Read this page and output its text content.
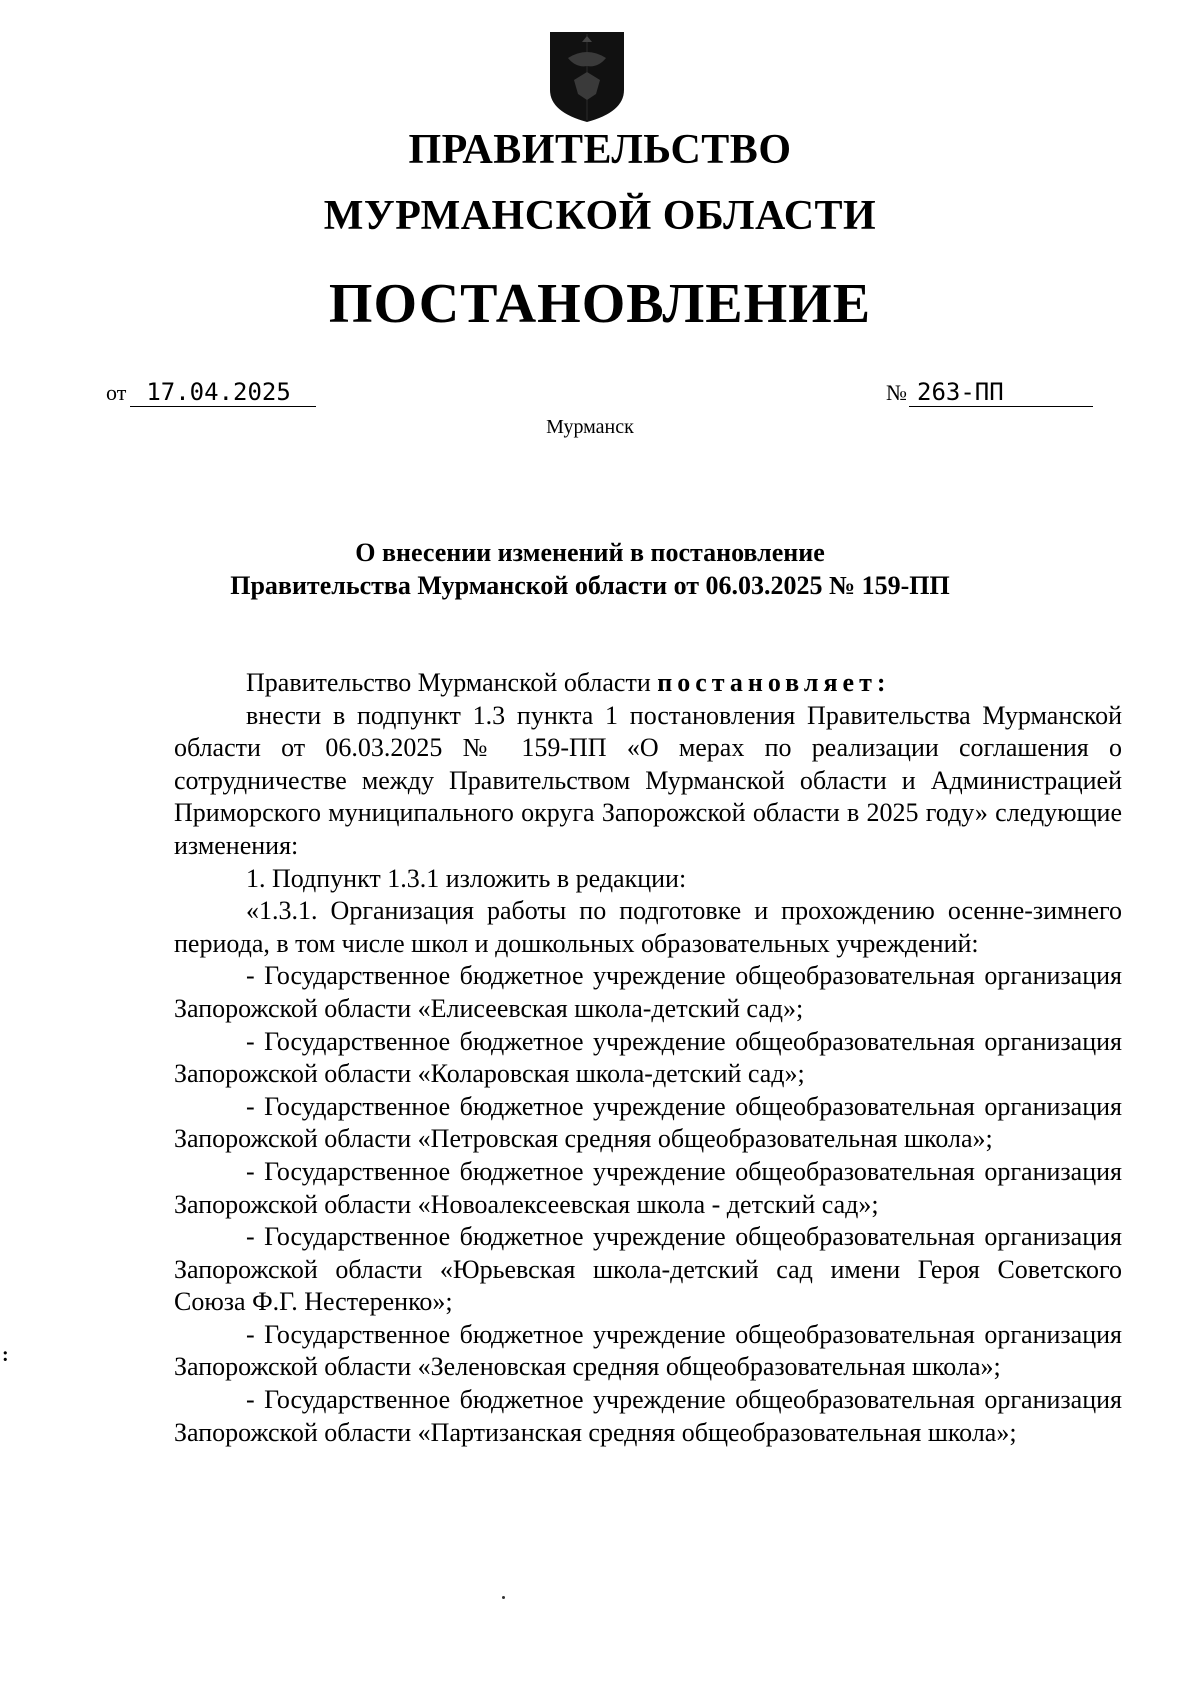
ПРАВИТЕЛЬСТВО
МУРМАНСКОЙ ОБЛАСТИ
ПОСТАНОВЛЕНИЕ
от 17.04.2025	№ 263-ПП
Мурманск
О внесении изменений в постановление
Правительства Мурманской области от 06.03.2025 № 159-ПП

Правительство Мурманской области постановляет:

внести в подпункт 1.3 пункта 1 постановления Правительства Мурманской области от 06.03.2025 № 159-ПП «О мерах по реализации соглашения о сотрудничестве между Правительством Мурманской области и Администрацией Приморского муниципального округа Запорожской области в 2025 году» следующие изменения:

1. Подпункт 1.3.1 изложить в редакции:

«1.3.1. Организация работы по подготовке и прохождению осенне-зимнего периода, в том числе школ и дошкольных образовательных учреждений:

- Государственное бюджетное учреждение общеобразовательная организация Запорожской области «Елисеевская школа-детский сад»;

- Государственное бюджетное учреждение общеобразовательная организация Запорожской области «Коларовская школа-детский сад»;

- Государственное бюджетное учреждение общеобразовательная организация Запорожской области «Петровская средняя общеобразовательная школа»;

- Государственное бюджетное учреждение общеобразовательная организация Запорожской области «Новоалексеевская школа - детский сад»;

- Государственное бюджетное учреждение общеобразовательная организация Запорожской области «Юрьевская школа-детский сад имени Героя Советского Союза Ф.Г. Нестеренко»;

- Государственное бюджетное учреждение общеобразовательная организация Запорожской области «Зеленовская средняя общеобразовательная школа»;

- Государственное бюджетное учреждение общеобразовательная организация Запорожской области «Партизанская средняя общеобразовательная школа»;

:
